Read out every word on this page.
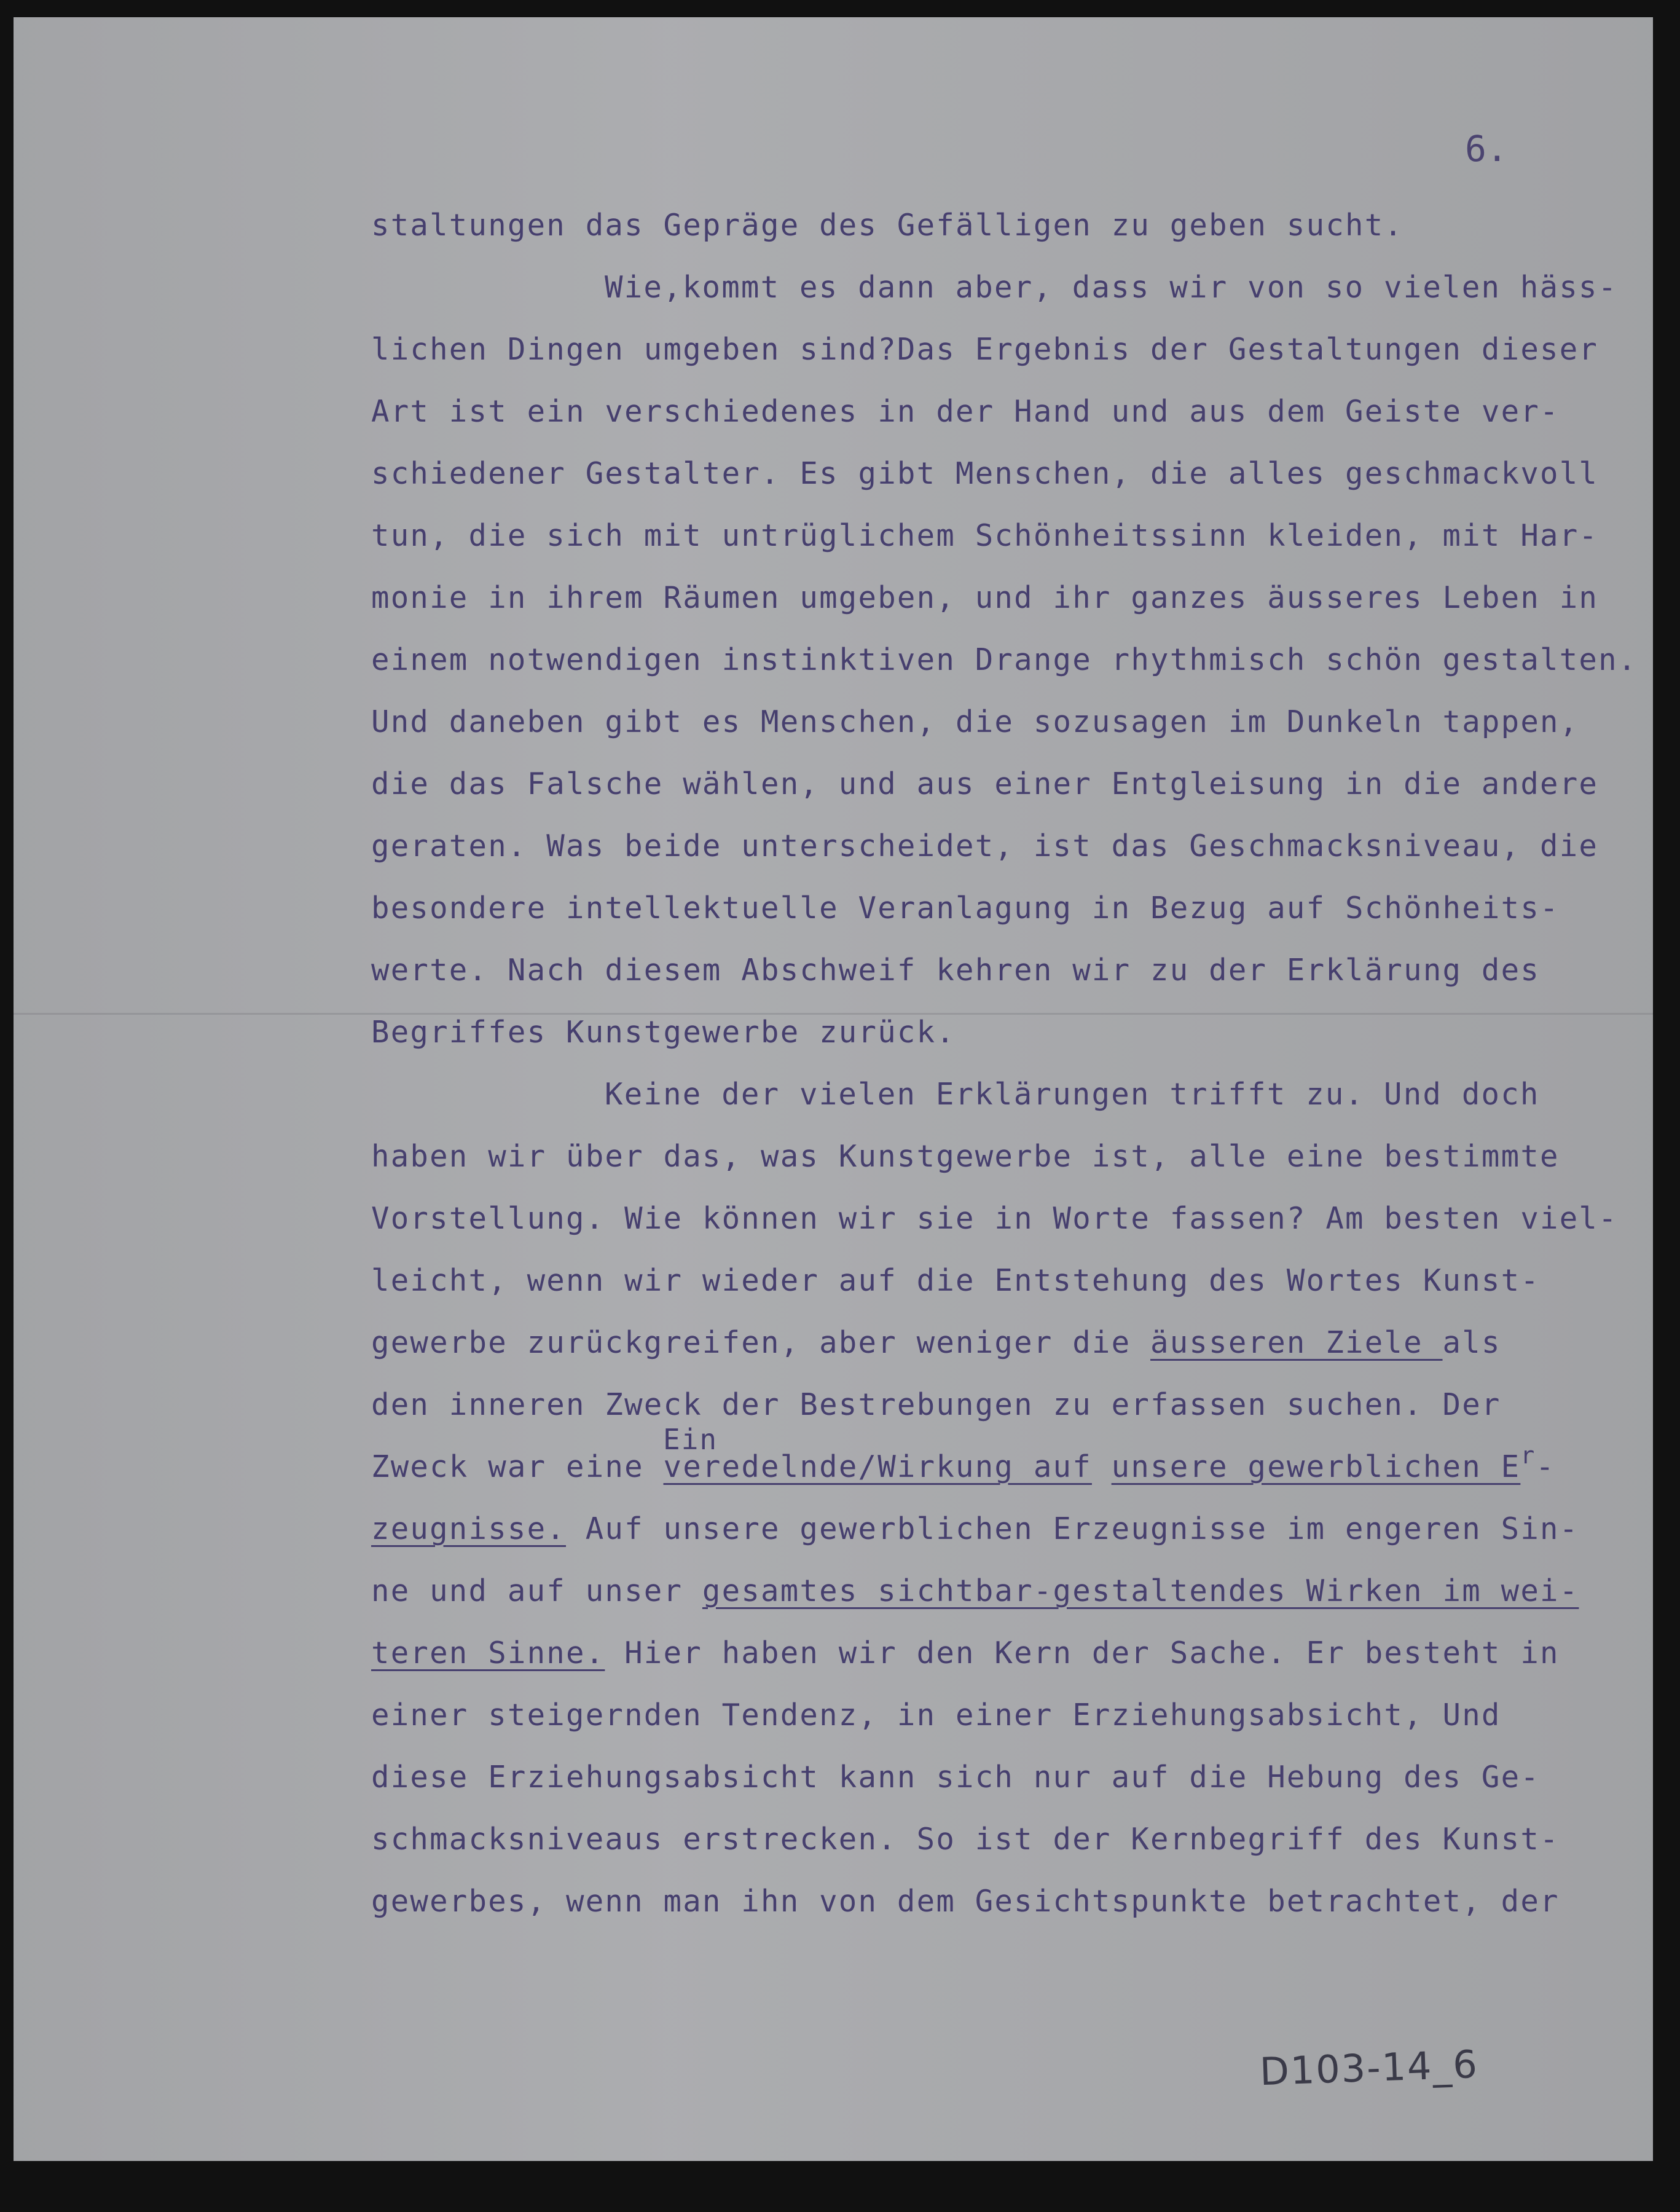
6.

staltungen das Gepräge des Gefälligen zu geben sucht.
Wie,kommt es dann aber, dass wir von so vielen häss-
lichen Dingen umgeben sind?Das Ergebnis der Gestaltungen dieser
Art ist ein verschiedenes in der Hand und aus dem Geiste ver-
schiedener Gestalter. Es gibt Menschen, die alles geschmackvoll
tun, die sich mit untrüglichem Schönheitssinn kleiden, mit Har-
monie in ihrem Räumen umgeben, und ihr ganzes äusseres Leben in
einem notwendigen instinktiven Drange rhythmisch schön gestalten.
Und daneben gibt es Menschen, die sozusagen im Dunkeln tappen,
die das Falsche wählen, und aus einer Entgleisung in die andere
geraten. Was beide unterscheidet, ist das Geschmacksniveau, die
besondere intellektuelle Veranlagung in Bezug auf Schönheits-
werte. Nach diesem Abschweif kehren wir zu der Erklärung des
Begriffes Kunstgewerbe zurück.
Keine der vielen Erklärungen trifft zu. Und doch
haben wir über das, was Kunstgewerbe ist, alle eine bestimmte
Vorstellung. Wie können wir sie in Worte fassen? Am besten viel-
leicht, wenn wir wieder auf die Entstehung des Wortes Kunst-
gewerbe zurückgreifen, aber weniger die äusseren Ziele als
den inneren Zweck der Bestrebungen zu erfassen suchen. Der
Ein
Zweck war eine veredelnde/Wirkung auf unsere gewerblichen $E^r-$
zeugnisse. Auf unsere gewerblichen Erzeugnisse im engeren Sin-
ne und auf unser gesamtes sichtbar-gestaltendes Wirken im wei-
teren Sinne. Hier haben wir den Kern der Sache. Er besteht in
einer steigernden Tendenz, in einer Erziehungsabsicht, Und
diese Erziehungsabsicht kann sich nur auf die Hebung des Ge-
schmacksniveaus erstrecken. So ist der Kernbegriff des Kunst-
gewerbes, wenn man ihn von dem Gesichtspunkte betrachtet, der
D103-14_6
